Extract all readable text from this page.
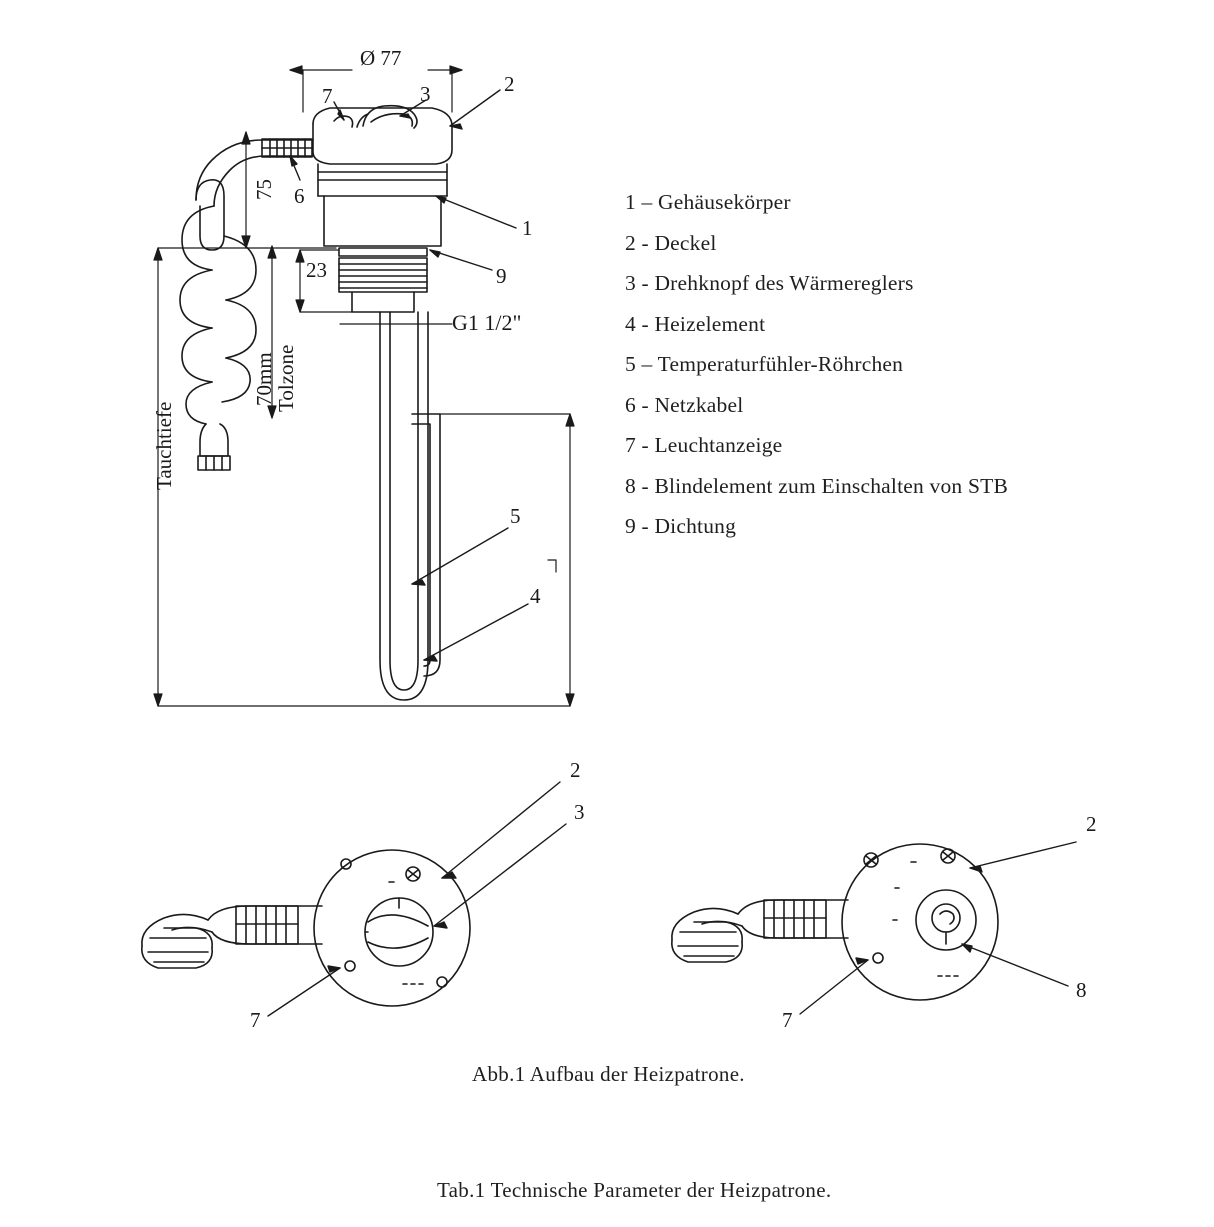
1 – Gehäusekörper
2 - Deckel
3 - Drehknopf des Wärmereglers
4 - Heizelement
5 – Temperaturfühler-Röhrchen
6 - Netzkabel
7 - Leuchtanzeige
8 - Blindelement zum Einschalten von STB
9 - Dichtung
Ø 77
75
23
G1 1/2"
70mm
Tolzone
Tauchtiefe
7	3	2
1
6
9
5
4
2
3
7
2
7
8
Abb.1 Aufbau der Heizpatrone.
Tab.1 Technische Parameter der Heizpatrone.
